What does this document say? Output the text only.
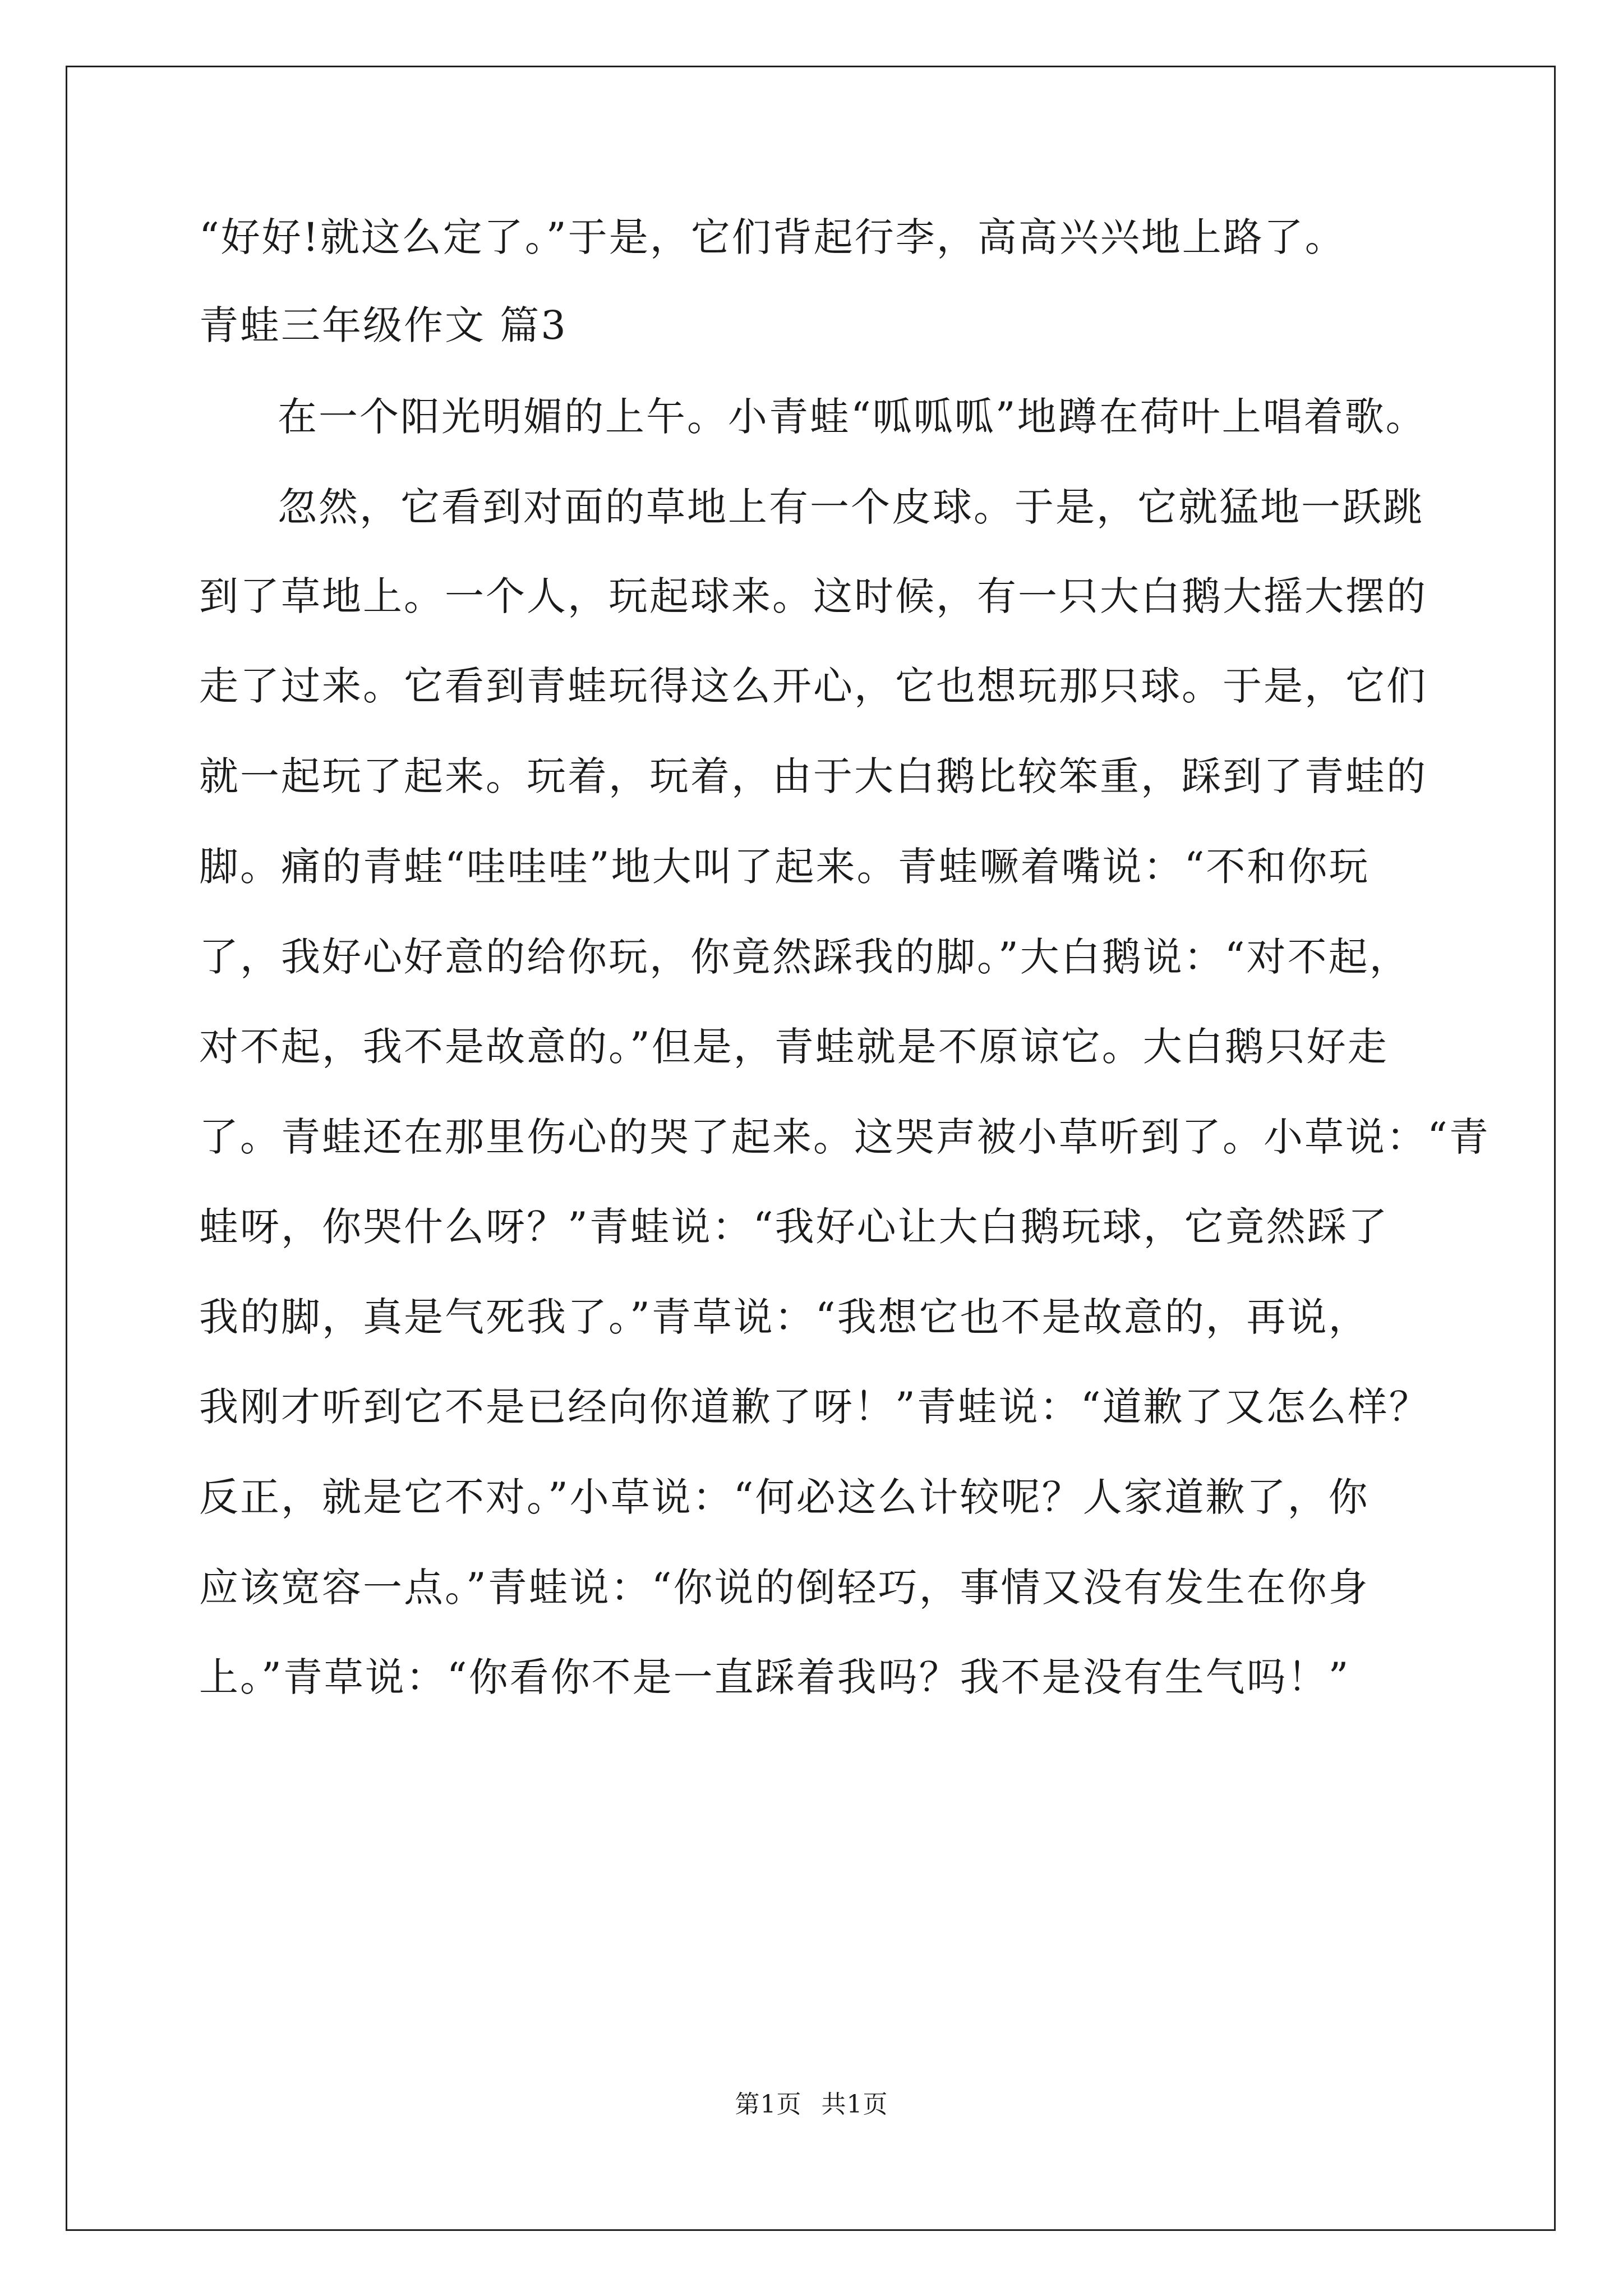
“好好!就这么定了。”于是，它们背起行李，高高兴兴地上路了。
青蛙三年级作文 篇3
在一个阳光明媚的上午。小青蛙“呱呱呱”地蹲在荷叶上唱着歌。
忽然，它看到对面的草地上有一个皮球。于是，它就猛地一跃跳
到了草地上。一个人，玩起球来。这时候，有一只大白鹅大摇大摆的
走了过来。它看到青蛙玩得这么开心，它也想玩那只球。于是，它们
就一起玩了起来。玩着，玩着，由于大白鹅比较笨重，踩到了青蛙的
脚。痛的青蛙“哇哇哇”地大叫了起来。青蛙噘着嘴说：“不和你玩
了，我好心好意的给你玩，你竟然踩我的脚。”大白鹅说：“对不起，
对不起，我不是故意的。”但是，青蛙就是不原谅它。大白鹅只好走
了。青蛙还在那里伤心的哭了起来。这哭声被小草听到了。小草说：“青
蛙呀，你哭什么呀？”青蛙说：“我好心让大白鹅玩球，它竟然踩了
我的脚，真是气死我了。”青草说：“我想它也不是故意的，再说，
我刚才听到它不是已经向你道歉了呀！”青蛙说：“道歉了又怎么样？
反正，就是它不对。”小草说：“何必这么计较呢？人家道歉了，你
应该宽容一点。”青蛙说：“你说的倒轻巧，事情又没有发生在你身
上。”青草说：“你看你不是一直踩着我吗？我不是没有生气吗！”
第1页 共1页
